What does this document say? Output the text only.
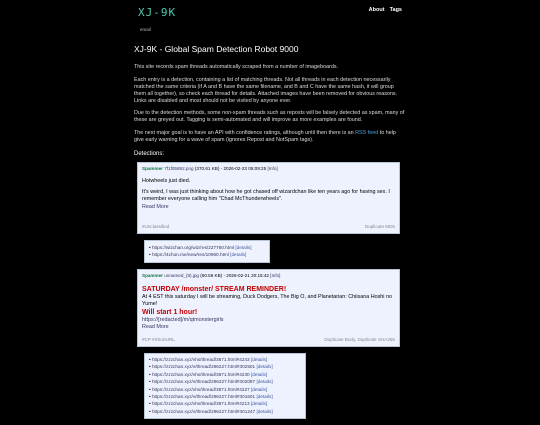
XJ-9K
email
About Tags
XJ-9K - Global Spam Detection Robot 9000

This site records spam threads automatically scraped from a number of imageboards.

Each entry is a detection, containing a list of matching threads. Not all threads in each detection necessarily matched the same criteria (if A and B have the same filename, and B and C have the same hash, it will group them all together), so check each thread for details. Attached images have been removed for obvious reasons. Links are disabled and most should not be visited by anyone ever.

Due to the detection methods, some non-spam threads such as reposts will be falsely detected as spam, many of these are greyed out. Tagging is semi-automated and will improve as more examples are found.

The next major goal is to have an API with confidence ratings, although until then there is an RSS feed to help give early warning for a wave of spam (ignores Repost and NotSpam tags).

Detections:
Spammer 7f1f05892.png (370.61 KB) - 2026-02-23 05:09:25 [Info]
Hotwheels just died.
It's weird, I was just thinking about how he got chased off wizardchan like ten years ago for having sex. I remember everyone calling him "Chad McThunderwheels".
Read More
#Unclassified	Duplicate MD5
• https://wizchan.org/wiz/res/227760.html [details]
• https://4chon.me/new/res/10960.html [details]
Spammer unnamed_(8).jpg (60.56 KB) - 2026-02-21 20:15:42 [Info]
SATURDAY /monster/ STREAM REMINDER!
At 4 EST this saturday I will be streaming, Duck Dodgers, The Big O, and Planetarian: Chiisana Hoshi no Yume!
Will start 1 hour!
https://[redacted]/m/qtmonstergirls
Read More
#CP #ShortURL	Duplicate Body, Duplicate SHA256
• https://zzzchan.xyz/vhs/thread/3871.html#4243 [details]
• https://zzzchan.xyz/v/thread/296227.html#302501 [details]
• https://zzzchan.xyz/vhs/thread/3871.html#4230 [details]
• https://zzzchan.xyz/v/thread/296227.html#302087 [details]
• https://zzzchan.xyz/vhs/thread/3871.html#4227 [details]
• https://zzzchan.xyz/v/thread/296227.html#301601 [details]
• https://zzzchan.xyz/vhs/thread/3871.html#4213 [details]
• https://zzzchan.xyz/v/thread/296227.html#301247 [details]
